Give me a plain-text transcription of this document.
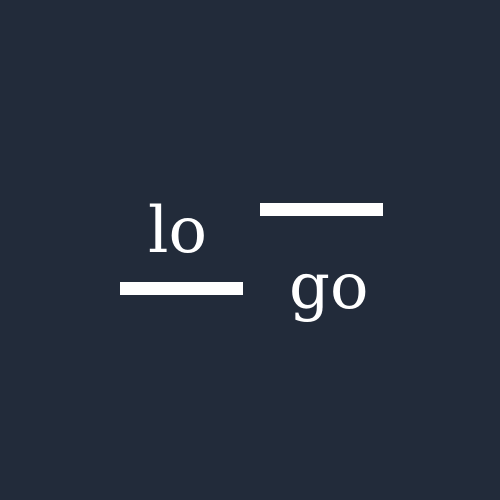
lo
go
